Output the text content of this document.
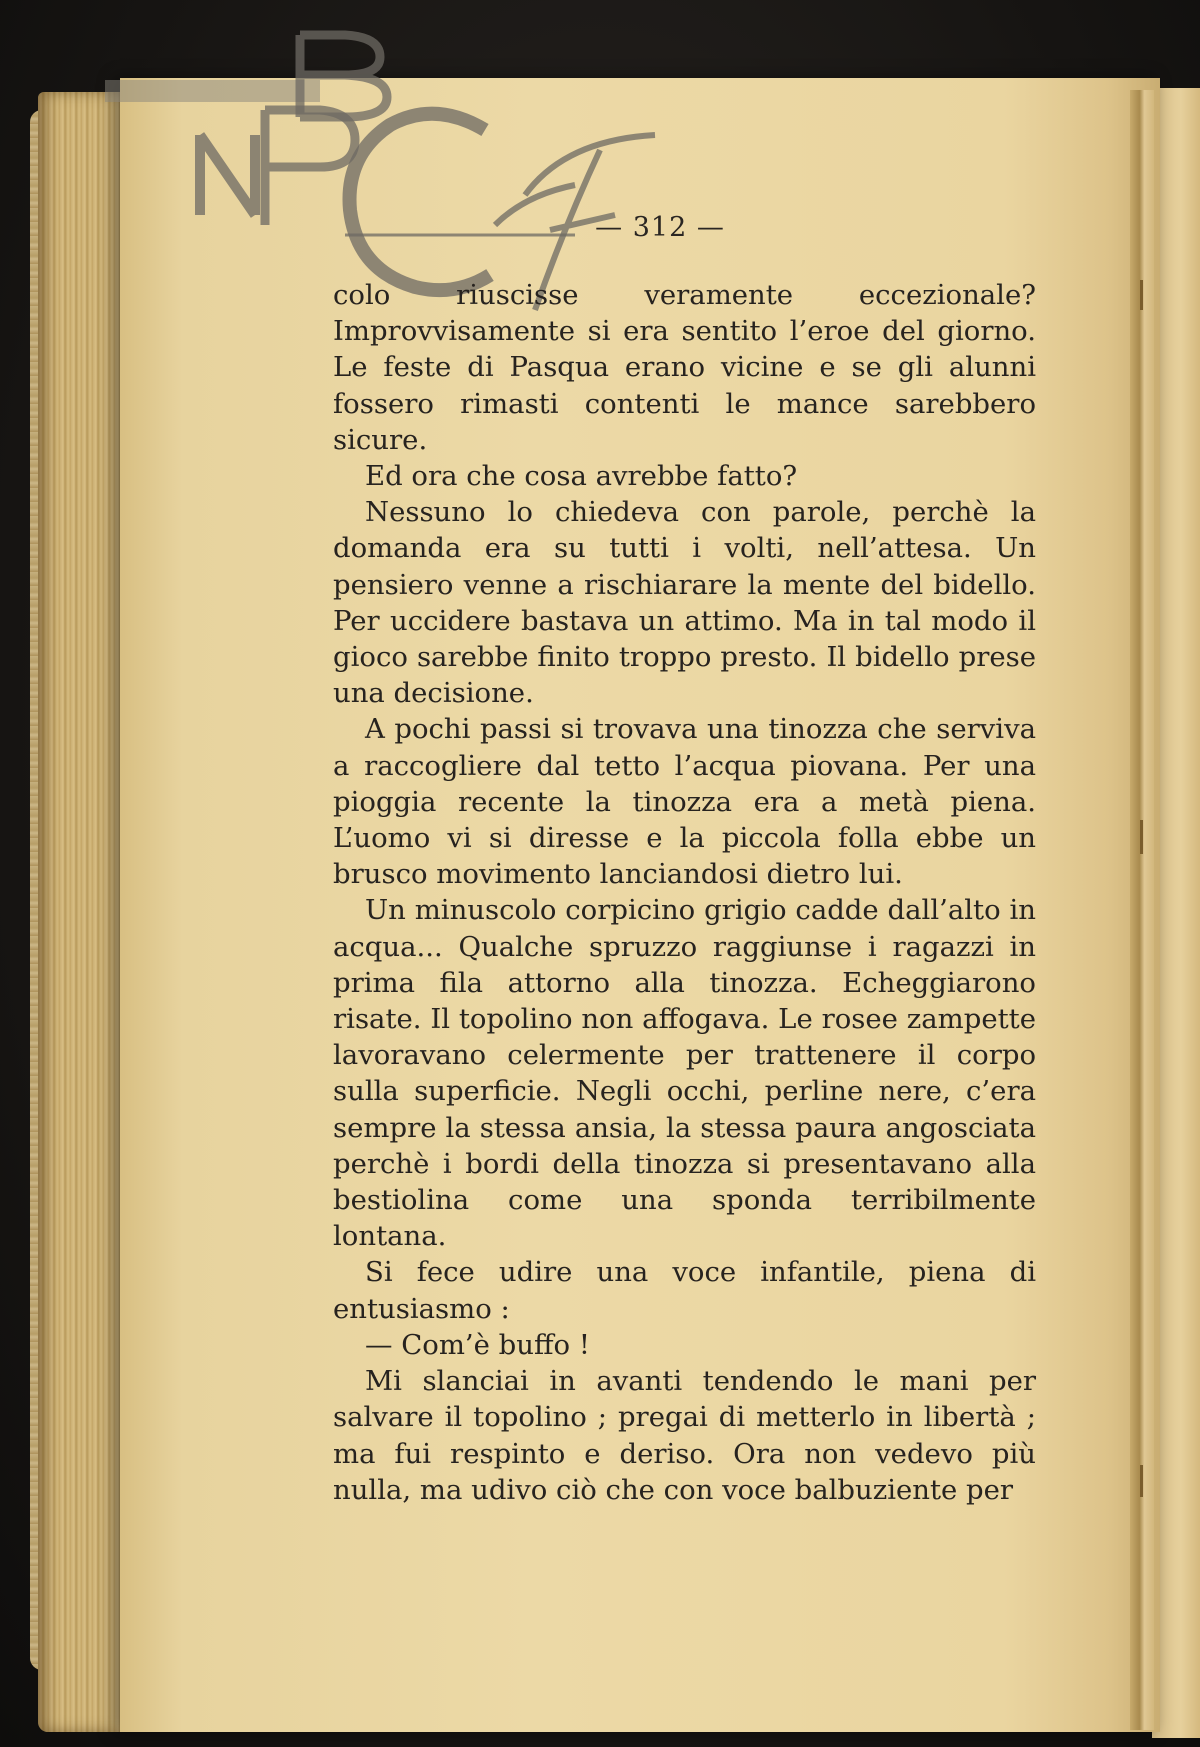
— 312 —

colo riuscisse veramente eccezionale? Improvvisamente si era sentito l’eroe del giorno. Le feste di Pasqua erano vicine e se gli alunni fossero rimasti contenti le mance sarebbero sicure.

Ed ora che cosa avrebbe fatto?

Nessuno lo chiedeva con parole, perchè la domanda era su tutti i volti, nell’attesa. Un pensiero venne a rischiarare la mente del bidello. Per uccidere bastava un attimo. Ma in tal modo il gioco sarebbe finito troppo presto. Il bidello prese una decisione.

A pochi passi si trovava una tinozza che serviva a raccogliere dal tetto l’acqua piovana. Per una pioggia recente la tinozza era a metà piena. L’uomo vi si diresse e la piccola folla ebbe un brusco movimento lanciandosi dietro lui.

Un minuscolo corpicino grigio cadde dall’alto in acqua... Qualche spruzzo raggiunse i ragazzi in prima fila attorno alla tinozza. Echeggiarono risate. Il topolino non affogava. Le rosee zampette lavoravano celermente per trattenere il corpo sulla superficie. Negli occhi, perline nere, c’era sempre la stessa ansia, la stessa paura angosciata perchè i bordi della tinozza si presentavano alla bestiolina come una sponda terribilmente lontana.

Si fece udire una voce infantile, piena di entusiasmo :

— Com’è buffo !

Mi slanciai in avanti tendendo le mani per salvare il topolino ; pregai di metterlo in libertà ; ma fui respinto e deriso. Ora non vedevo più nulla, ma udivo ciò che con voce balbuziente per
